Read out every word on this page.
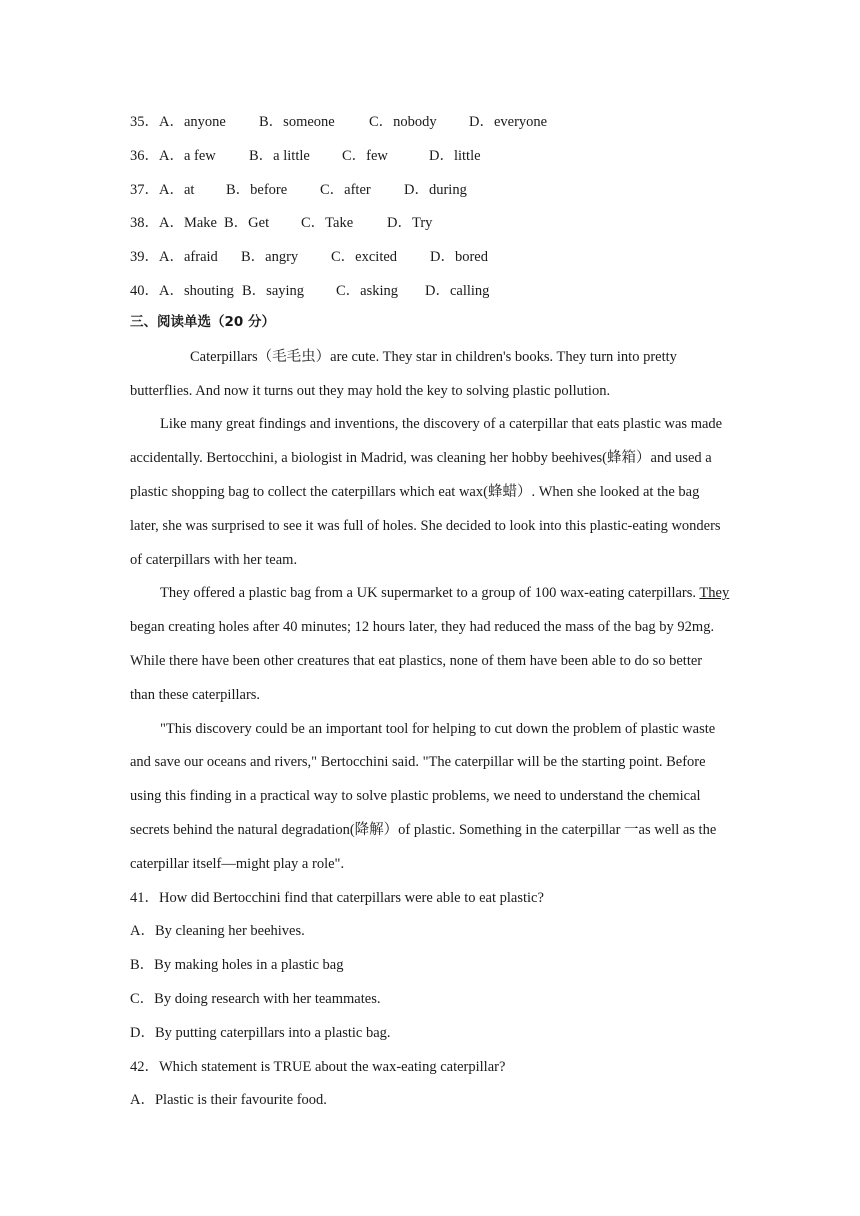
35．A．anyone B．someone C．nobody D．everyone
36．A．a few B．a little C．few	D．little
37．A．at B．before C．after D．during
38．A．Make B．Get C．Take D．Try
39．A．afraid B．angry C．excited D．bored
40．A．shouting B．saying C．asking D．calling
三、阅读单选（20 分）

Caterpillars（毛毛虫）are cute. They star in children's books. They turn into pretty butterflies. And now it turns out they may hold the key to solving plastic pollution.

Like many great findings and inventions, the discovery of a caterpillar that eats plastic was made accidentally. Bertocchini, a biologist in Madrid, was cleaning her hobby beehives(蜂箱）and used a plastic shopping bag to collect the caterpillars which eat wax(蜂蜡）. When she looked at the bag later, she was surprised to see it was full of holes. She decided to look into this plastic-eating wonders of caterpillars with her team.

They offered a plastic bag from a UK supermarket to a group of 100 wax-eating caterpillars. They began creating holes after 40 minutes; 12 hours later, they had reduced the mass of the bag by 92mg. While there have been other creatures that eat plastics, none of them have been able to do so better than these caterpillars.

"This discovery could be an important tool for helping to cut down the problem of plastic waste and save our oceans and rivers," Bertocchini said. "The caterpillar will be the starting point. Before using this finding in a practical way to solve plastic problems, we need to understand the chemical secrets behind the natural degradation(降解）of plastic. Something in the caterpillar 一as well as the caterpillar itself—might play a role".

41．How did Bertocchini find that caterpillars were able to eat plastic?
A．By cleaning her beehives.
B．By making holes in a plastic bag
C．By doing research with her teammates.
D．By putting caterpillars into a plastic bag.
42．Which statement is TRUE about the wax-eating caterpillar?
A．Plastic is their favourite food.
